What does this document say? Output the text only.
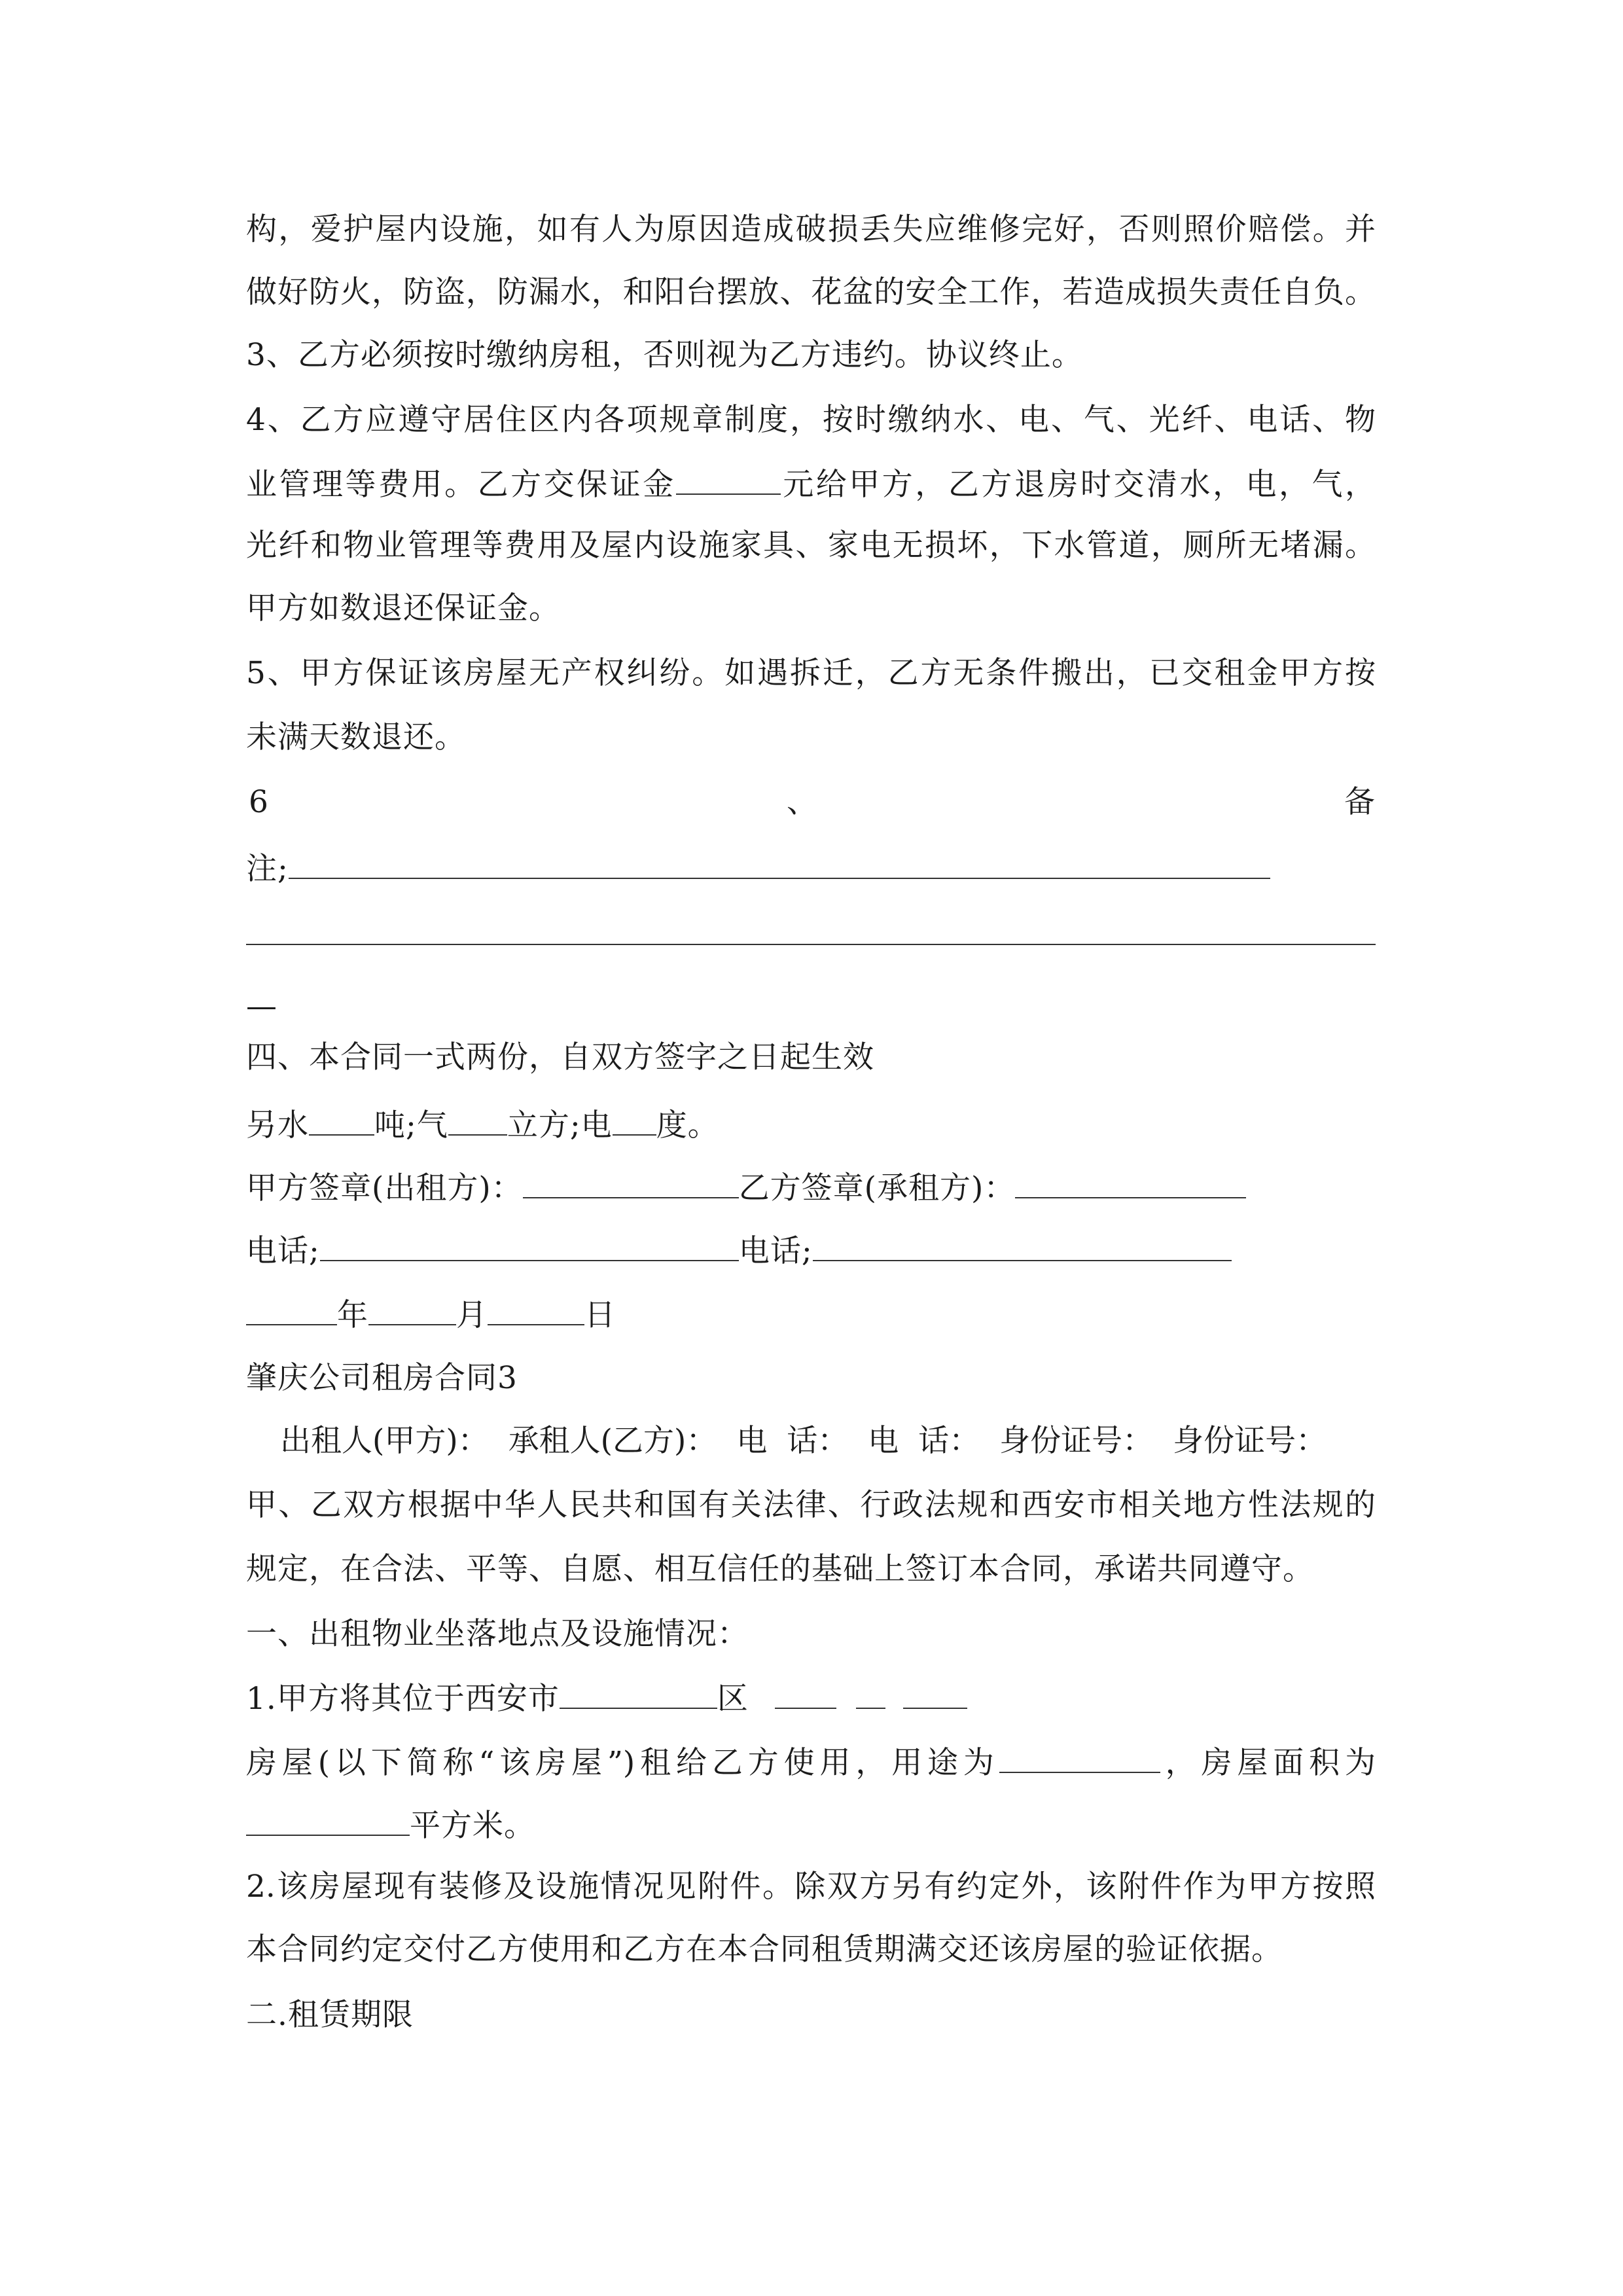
构，爱护屋内设施，如有人为原因造成破损丢失应维修完好，否则照价赔偿。并
做好防火，防盗，防漏水，和阳台摆放、花盆的安全工作，若造成损失责任自负。
3、乙方必须按时缴纳房租，否则视为乙方违约。协议终止。
4、乙方应遵守居住区内各项规章制度，按时缴纳水、电、气、光纤、电话、物
业管理等费用。乙方交保证金	元给甲方，乙方退房时交清水，电，气，
光纤和物业管理等费用及屋内设施家具、家电无损坏，下水管道，厕所无堵漏。
甲方如数退还保证金。
5、甲方保证该房屋无产权纠纷。如遇拆迁，乙方无条件搬出，已交租金甲方按
未满天数退还。
6	、	备
注;
—
四、本合同一式两份，自双方签字之日起生效
另水 吨;气 立方;电 度。
甲方签章(出租方)：	乙方签章(承租方)：
电话;	电话;
年	月	日
肇庆公司租房合同3
出租人(甲方)： 承租人(乙方)： 电  话： 电  话： 身份证号： 身份证号：
甲、乙双方根据中华人民共和国有关法律、行政法规和西安市相关地方性法规的
规定，在合法、平等、自愿、相互信任的基础上签订本合同，承诺共同遵守。
一、出租物业坐落地点及设施情况：
1.甲方将其位于西安市	区
房屋(以下简称“该房屋”)租给乙方使用，用途为	，房屋面积为
平方米。
2.该房屋现有装修及设施情况见附件。除双方另有约定外，该附件作为甲方按照
本合同约定交付乙方使用和乙方在本合同租赁期满交还该房屋的验证依据。
二.租赁期限
